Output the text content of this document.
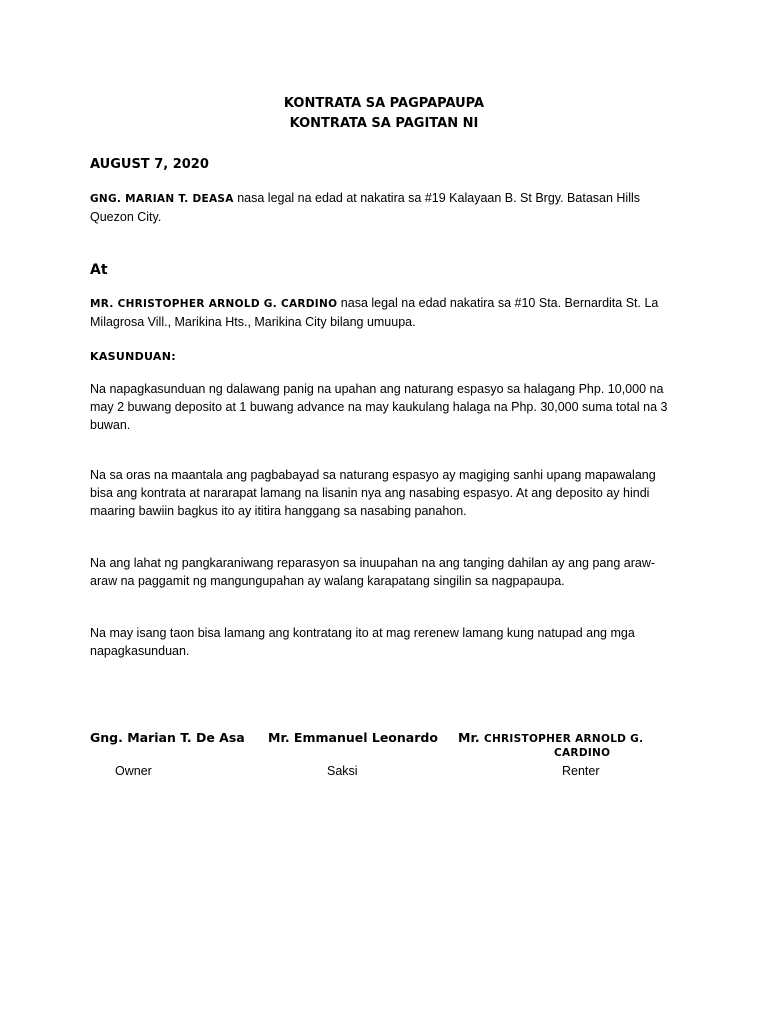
KONTRATA SA PAGPAPAUPA
KONTRATA SA PAGITAN NI
AUGUST 7, 2020
GNG. MARIAN T. DEASA nasa legal na edad at nakatira sa #19 Kalayaan B. St Brgy. Batasan Hills Quezon City.
At
MR. CHRISTOPHER ARNOLD G. CARDINO nasa legal na edad nakatira sa #10 Sta. Bernardita St. La Milagrosa Vill., Marikina Hts., Marikina City bilang umuupa.
KASUNDUAN:
Na napagkasunduan ng dalawang panig na upahan ang naturang espasyo sa halagang Php. 10,000 na may 2 buwang deposito at 1 buwang advance na may kaukulang halaga na Php. 30,000 suma total na 3 buwan.
Na sa oras na maantala ang pagbabayad sa naturang espasyo ay magiging sanhi upang mapawalang bisa ang kontrata at nararapat lamang na lisanin nya ang nasabing espasyo. At ang deposito ay hindi maaring bawiin bagkus ito ay ititira hanggang sa nasabing panahon.
Na ang lahat ng pangkaraniwang reparasyon sa inuupahan na ang tanging dahilan ay ang pang araw-araw na paggamit ng mangungupahan ay walang karapatang singilin sa nagpapaupa.
Na may isang taon bisa lamang ang kontratang ito at mag rerenew lamang kung natupad ang mga napagkasunduan.
Gng. Marian T. De Asa Mr. Emmanuel Leonardo Mr. CHRISTOPHER ARNOLD G.
CARDINO
Owner	Saksi	Renter
